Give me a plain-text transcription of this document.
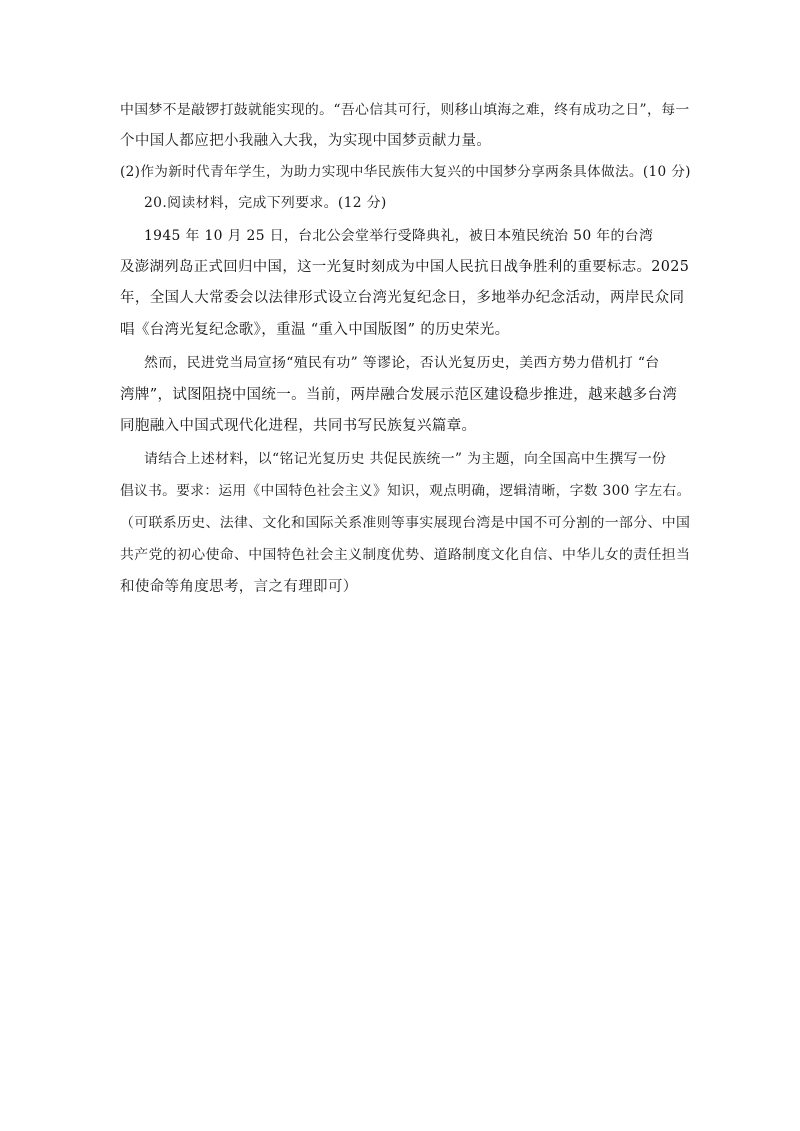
中国梦不是敲锣打鼓就能实现的。“吾心信其可行，则移山填海之难，终有成功之日”，每一
个中国人都应把小我融入大我，为实现中国梦贡献力量。
(2)作为新时代青年学生，为助力实现中华民族伟大复兴的中国梦分享两条具体做法。(10 分)
20.阅读材料，完成下列要求。(12 分)
1945 年 10 月 25 日，台北公会堂举行受降典礼，被日本殖民统治 50 年的台湾
及澎湖列岛正式回归中国，这一光复时刻成为中国人民抗日战争胜利的重要标志。2025
年，全国人大常委会以法律形式设立台湾光复纪念日，多地举办纪念活动，两岸民众同
唱《台湾光复纪念歌》，重温 “重入中国版图” 的历史荣光。
然而，民进党当局宣扬“殖民有功” 等谬论，否认光复历史，美西方势力借机打 “台
湾牌”，试图阻挠中国统一。当前，两岸融合发展示范区建设稳步推进，越来越多台湾
同胞融入中国式现代化进程，共同书写民族复兴篇章。
请结合上述材料，以“铭记光复历史 共促民族统一” 为主题，向全国高中生撰写一份
倡议书。要求：运用《中国特色社会主义》知识，观点明确，逻辑清晰，字数 300 字左右。
（可联系历史、法律、文化和国际关系准则等事实展现台湾是中国不可分割的一部分、中国
共产党的初心使命、中国特色社会主义制度优势、道路制度文化自信、中华儿女的责任担当
和使命等角度思考，言之有理即可）
